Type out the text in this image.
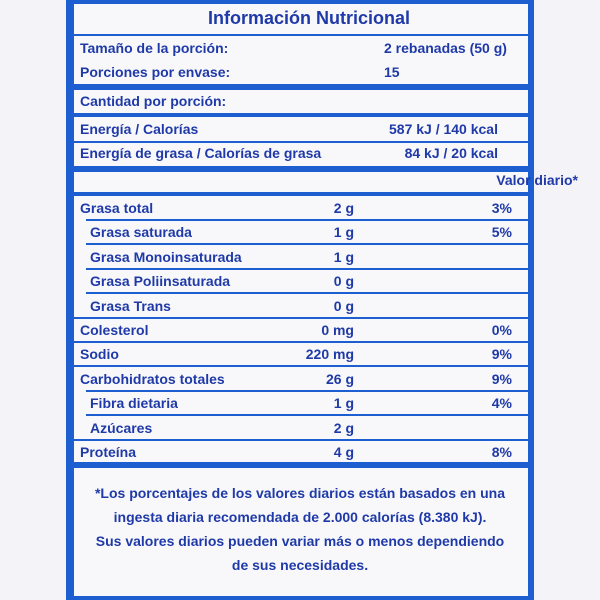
Información Nutricional
Tamaño de la porción:	2 rebanadas (50 g)
Porciones por envase:	15
Cantidad por porción:
Energía / Calorías	587 kJ / 140 kcal
Energía de grasa / Calorías de grasa	84 kJ / 20 kcal
Valor diario*
Grasa total	2 g	3%
Grasa saturada	1 g	5%
Grasa Monoinsaturada	1 g
Grasa Poliinsaturada	0 g
Grasa Trans	0 g
Colesterol	0 mg	0%
Sodio	220 mg	9%
Carbohidratos totales	26 g	9%
Fibra dietaria	1 g	4%
Azúcares	2 g
Proteína	4 g	8%
*Los porcentajes de los valores diarios están basados en una
ingesta diaria recomendada de 2.000 calorías (8.380 kJ).
Sus valores diarios pueden variar más o menos dependiendo
de sus necesidades.
